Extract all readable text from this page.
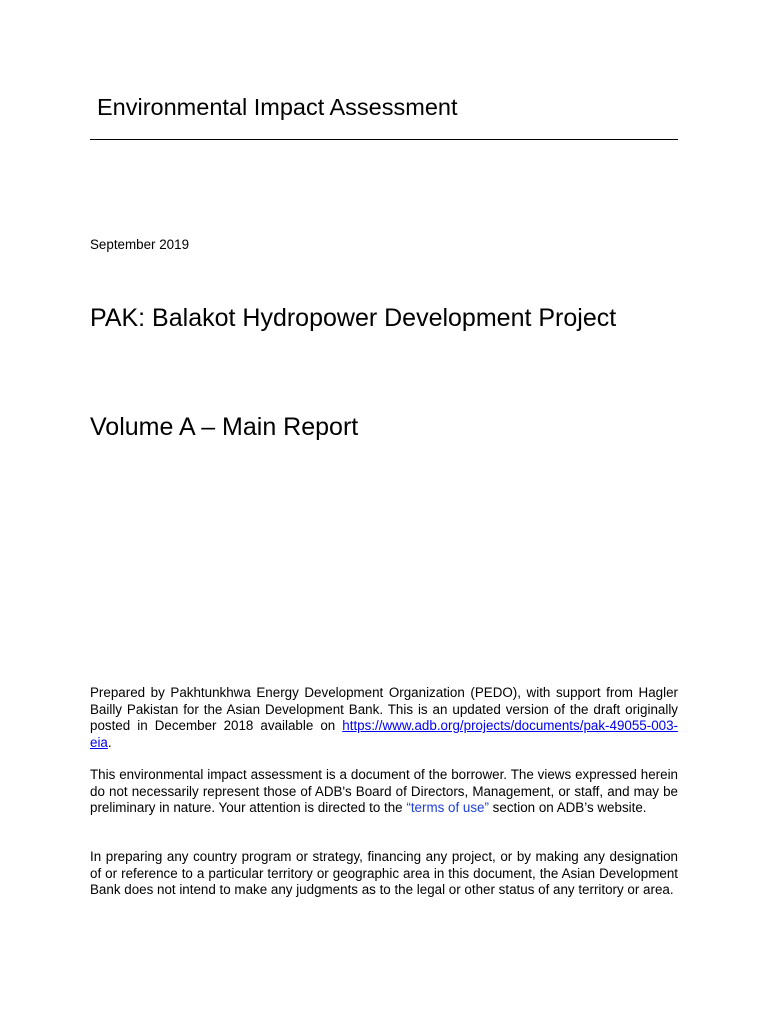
Environmental Impact Assessment
September 2019
PAK: Balakot Hydropower Development Project
Volume A – Main Report

Prepared by Pakhtunkhwa Energy Development Organization (PEDO), with support from Hagler Bailly Pakistan for the Asian Development Bank. This is an updated version of the draft originally posted in December 2018 available on https://www.adb.org/projects/documents/pak-49055-003-eia.

This environmental impact assessment is a document of the borrower. The views expressed herein do not necessarily represent those of ADB's Board of Directors, Management, or staff, and may be preliminary in nature. Your attention is directed to the “terms of use” section on ADB’s website.

In preparing any country program or strategy, financing any project, or by making any designation of or reference to a particular territory or geographic area in this document, the Asian Development Bank does not intend to make any judgments as to the legal or other status of any territory or area.
